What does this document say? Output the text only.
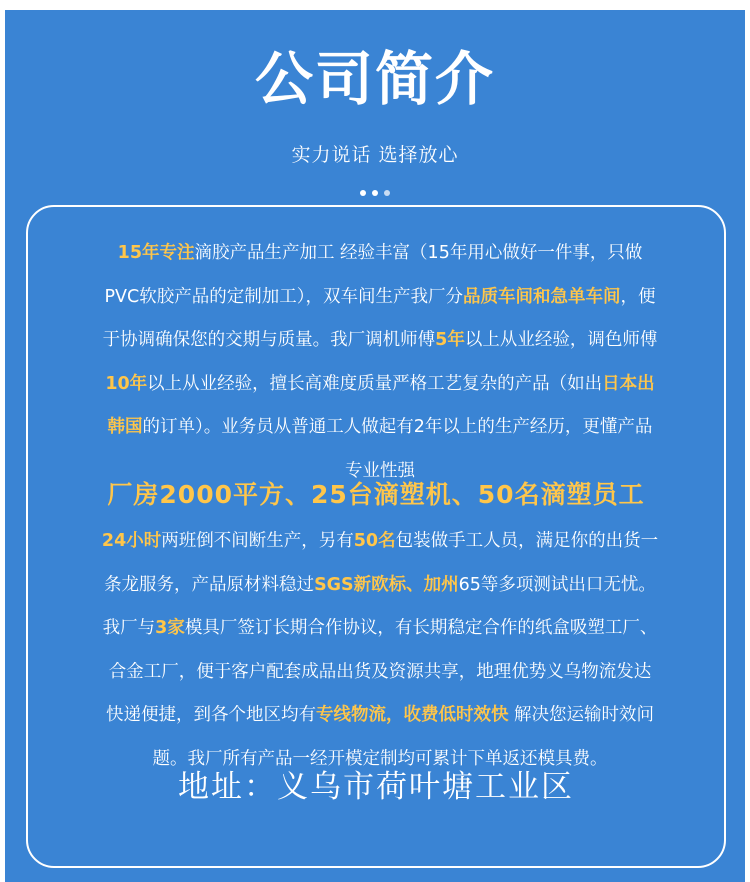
公司简介
实力说话 选择放心
15年专注滴胶产品生产加工 经验丰富（15年用心做好一件事，只做
PVC软胶产品的定制加工），双车间生产我厂分品质车间和急单车间，便
于协调确保您的交期与质量。我厂调机师傅5年以上从业经验，调色师傅
10年以上从业经验，擅长高难度质量严格工艺复杂的产品（如出日本出
韩国的订单）。业务员从普通工人做起有2年以上的生产经历，更懂产品
专业性强
厂房2000平方、25台滴塑机、50名滴塑员工
24小时两班倒不间断生产，另有50名包装做手工人员，满足你的出货一
条龙服务，产品原材料稳过SGS新欧标、加州65等多项测试出口无忧。
我厂与3家模具厂签订长期合作协议，有长期稳定合作的纸盒吸塑工厂、
合金工厂，便于客户配套成品出货及资源共享，地理优势义乌物流发达
快递便捷，到各个地区均有专线物流，收费低时效快 解决您运输时效问
题。我厂所有产品一经开模定制均可累计下单返还模具费。
地址：义乌市荷叶塘工业区
